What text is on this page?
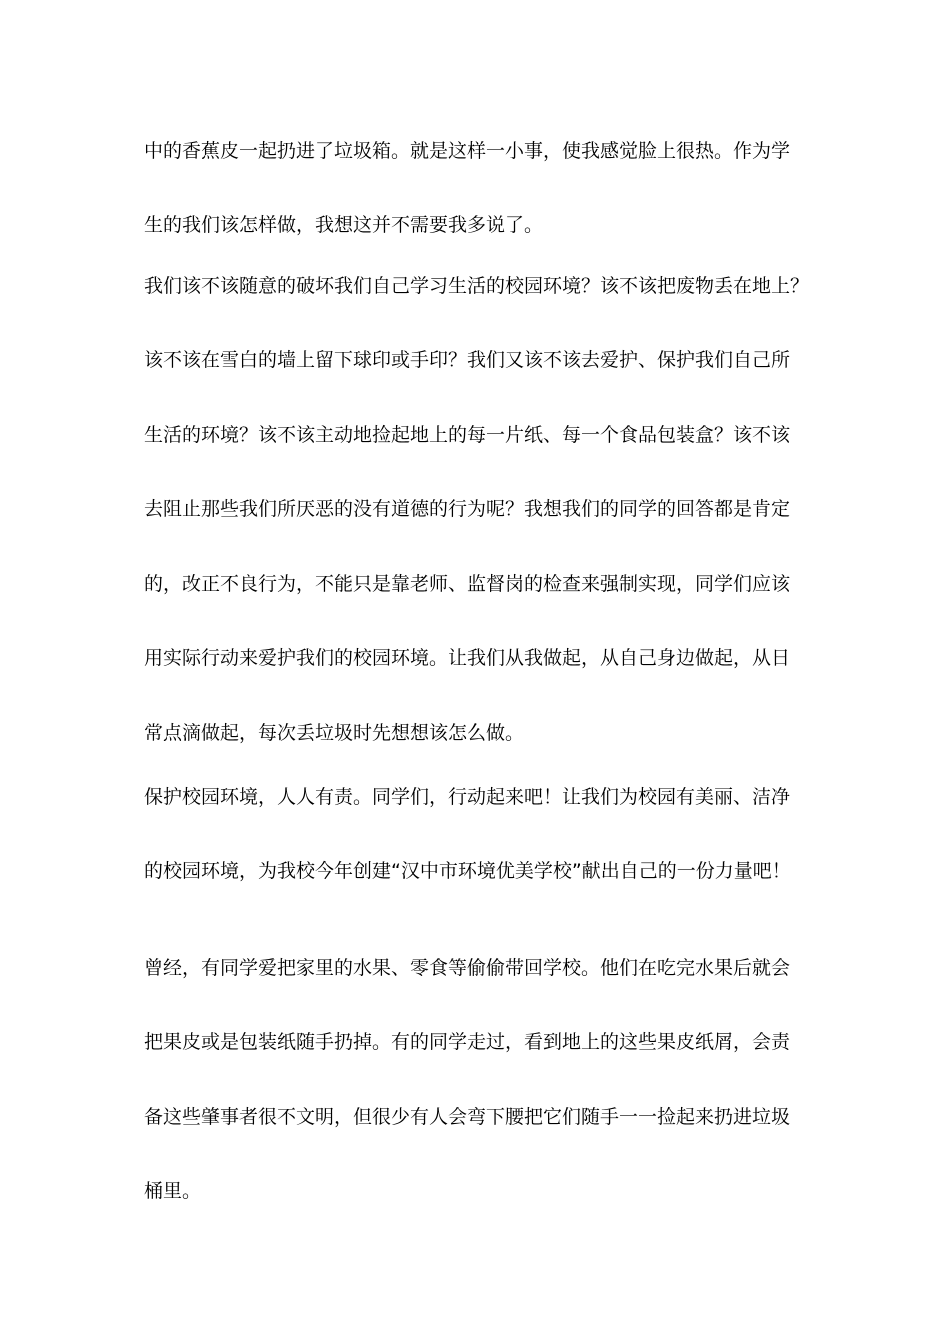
中的香蕉皮一起扔进了垃圾箱。就是这样一小事，使我感觉脸上很热。作为学
生的我们该怎样做，我想这并不需要我多说了。
我们该不该随意的破坏我们自己学习生活的校园环境？该不该把废物丢在地上？
该不该在雪白的墙上留下球印或手印？我们又该不该去爱护、保护我们自己所
生活的环境？该不该主动地捡起地上的每一片纸、每一个食品包装盒？该不该
去阻止那些我们所厌恶的没有道德的行为呢？我想我们的同学的回答都是肯定
的，改正不良行为，不能只是靠老师、监督岗的检查来强制实现，同学们应该
用实际行动来爱护我们的校园环境。让我们从我做起，从自己身边做起，从日
常点滴做起，每次丢垃圾时先想想该怎么做。
保护校园环境，人人有责。同学们，行动起来吧！让我们为校园有美丽、洁净
的校园环境，为我校今年创建“汉中市环境优美学校”献出自己的一份力量吧！
曾经，有同学爱把家里的水果、零食等偷偷带回学校。他们在吃完水果后就会
把果皮或是包装纸随手扔掉。有的同学走过，看到地上的这些果皮纸屑，会责
备这些肇事者很不文明，但很少有人会弯下腰把它们随手一一捡起来扔进垃圾
桶里。
